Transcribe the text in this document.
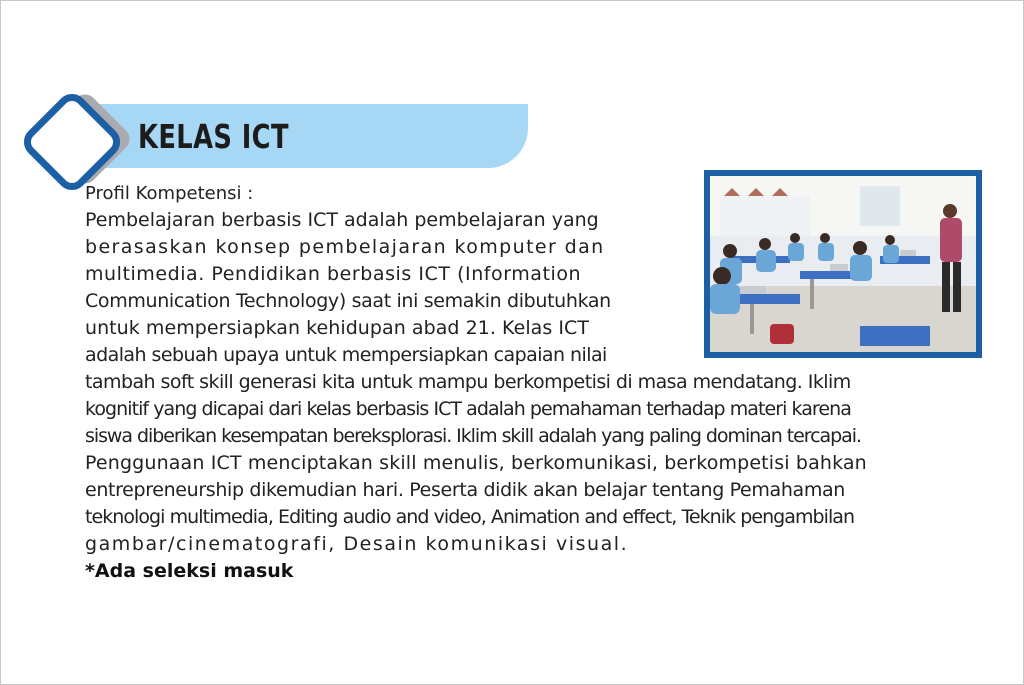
KELAS ICT
Profil Kompetensi :
Pembelajaran berbasis ICT adalah pembelajaran yang
berasaskan konsep pembelajaran komputer dan
multimedia. Pendidikan berbasis ICT (Information
Communication Technology) saat ini semakin dibutuhkan
untuk mempersiapkan kehidupan abad 21. Kelas ICT
adalah sebuah upaya untuk mempersiapkan capaian nilai
tambah soft skill generasi kita untuk mampu berkompetisi di masa mendatang. Iklim
kognitif yang dicapai dari kelas berbasis ICT adalah pemahaman terhadap materi karena
siswa diberikan kesempatan bereksplorasi. Iklim skill adalah yang paling dominan tercapai.
Penggunaan ICT menciptakan skill menulis, berkomunikasi, berkompetisi bahkan
entrepreneurship dikemudian hari. Peserta didik akan belajar tentang Pemahaman
teknologi multimedia, Editing audio and video, Animation and effect, Teknik pengambilan
gambar/cinematografi, Desain komunikasi visual.
*Ada seleksi masuk
